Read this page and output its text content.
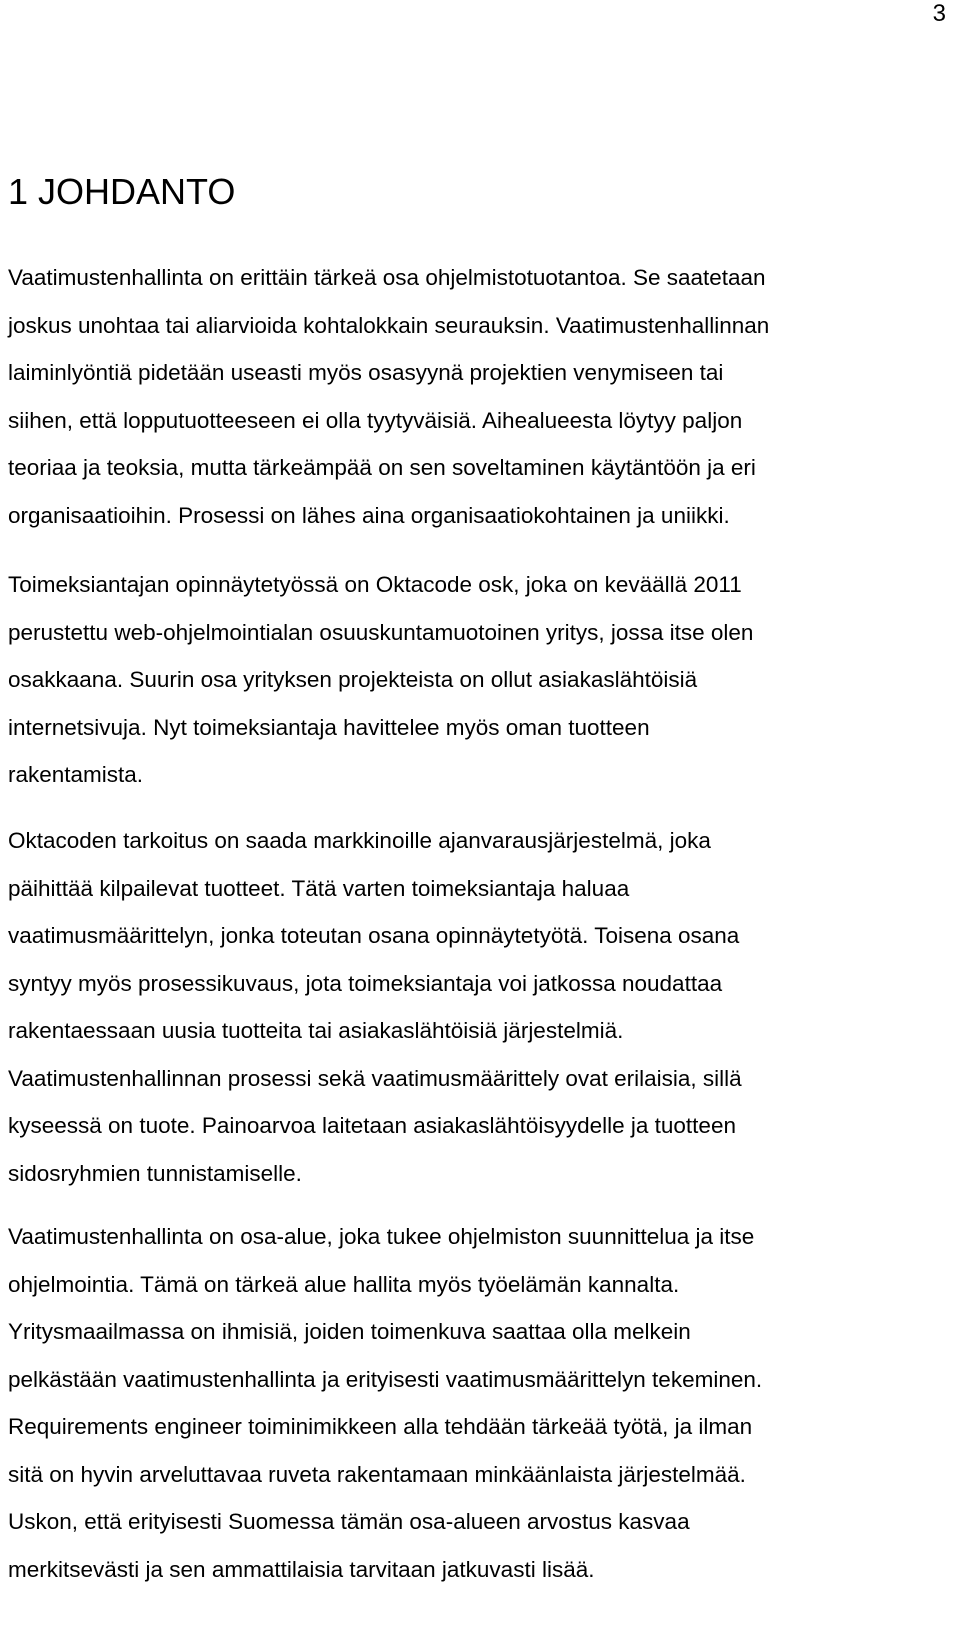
3
1 JOHDANTO

Vaatimustenhallinta on erittäin tärkeä osa ohjelmistotuotantoa. Se saatetaan
joskus unohtaa tai aliarvioida kohtalokkain seurauksin. Vaatimustenhallinnan
laiminlyöntiä pidetään useasti myös osasyynä projektien venymiseen tai
siihen, että lopputuotteeseen ei olla tyytyväisiä. Aihealueesta löytyy paljon
teoriaa ja teoksia, mutta tärkeämpää on sen soveltaminen käytäntöön ja eri
organisaatioihin. Prosessi on lähes aina organisaatiokohtainen ja uniikki.

Toimeksiantajan opinnäytetyössä on Oktacode osk, joka on keväällä 2011
perustettu web-ohjelmointialan osuuskuntamuotoinen yritys, jossa itse olen
osakkaana. Suurin osa yrityksen projekteista on ollut asiakaslähtöisiä
internetsivuja. Nyt toimeksiantaja havittelee myös oman tuotteen
rakentamista.

Oktacoden tarkoitus on saada markkinoille ajanvarausjärjestelmä, joka
päihittää kilpailevat tuotteet. Tätä varten toimeksiantaja haluaa
vaatimusmäärittelyn, jonka toteutan osana opinnäytetyötä. Toisena osana
syntyy myös prosessikuvaus, jota toimeksiantaja voi jatkossa noudattaa
rakentaessaan uusia tuotteita tai asiakaslähtöisiä järjestelmiä.
Vaatimustenhallinnan prosessi sekä vaatimusmäärittely ovat erilaisia, sillä
kyseessä on tuote. Painoarvoa laitetaan asiakaslähtöisyydelle ja tuotteen
sidosryhmien tunnistamiselle.

Vaatimustenhallinta on osa-alue, joka tukee ohjelmiston suunnittelua ja itse
ohjelmointia. Tämä on tärkeä alue hallita myös työelämän kannalta.
Yritysmaailmassa on ihmisiä, joiden toimenkuva saattaa olla melkein
pelkästään vaatimustenhallinta ja erityisesti vaatimusmäärittelyn tekeminen.
Requirements engineer toiminimikkeen alla tehdään tärkeää työtä, ja ilman
sitä on hyvin arveluttavaa ruveta rakentamaan minkäänlaista järjestelmää.
Uskon, että erityisesti Suomessa tämän osa-alueen arvostus kasvaa
merkitsevästi ja sen ammattilaisia tarvitaan jatkuvasti lisää.
